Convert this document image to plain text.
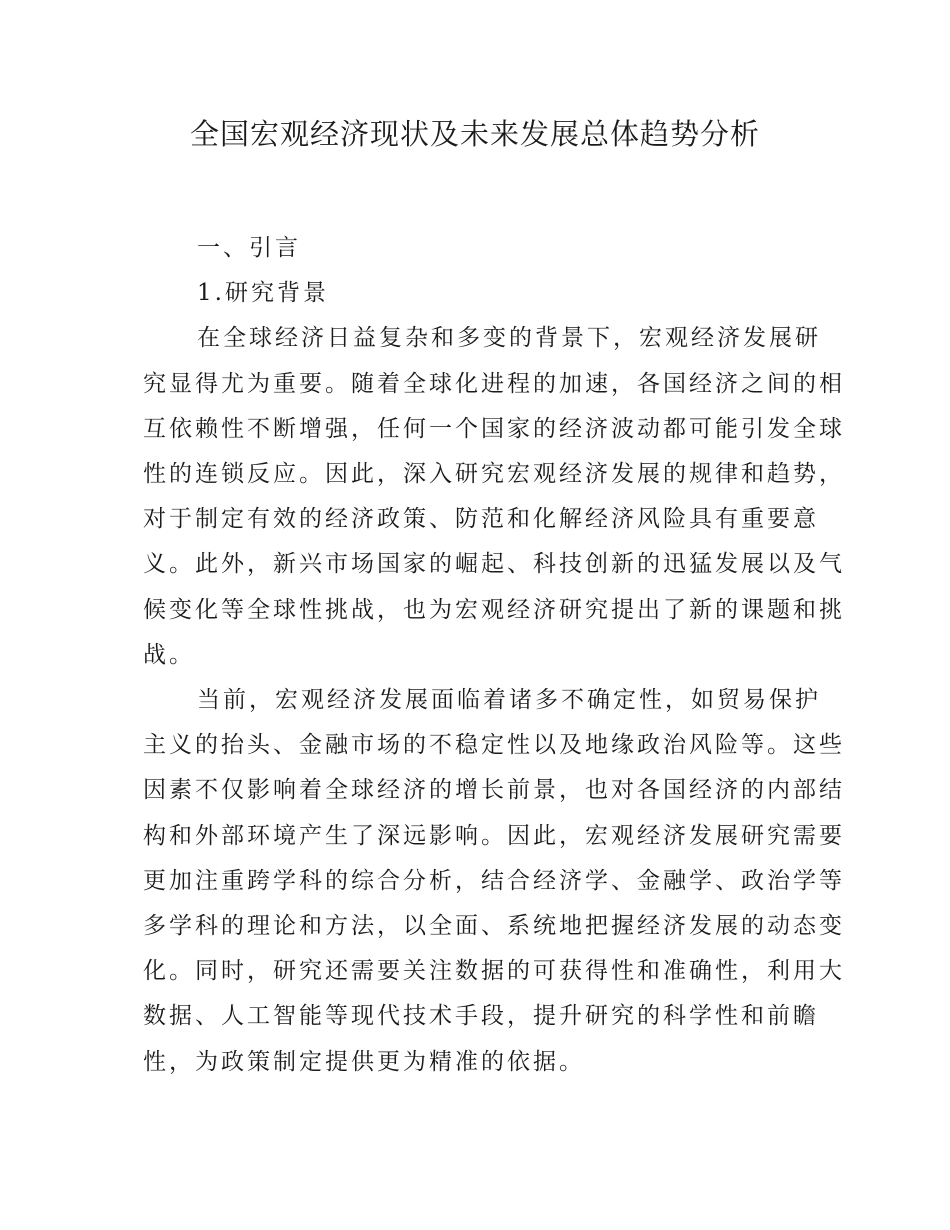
全国宏观经济现状及未来发展总体趋势分析

一、引言

1.研究背景

在全球经济日益复杂和多变的背景下，宏观经济发展研
究显得尤为重要。随着全球化进程的加速，各国经济之间的相
互依赖性不断增强，任何一个国家的经济波动都可能引发全球
性的连锁反应。因此，深入研究宏观经济发展的规律和趋势，
对于制定有效的经济政策、防范和化解经济风险具有重要意
义。此外，新兴市场国家的崛起、科技创新的迅猛发展以及气
候变化等全球性挑战，也为宏观经济研究提出了新的课题和挑
战。

当前，宏观经济发展面临着诸多不确定性，如贸易保护
主义的抬头、金融市场的不稳定性以及地缘政治风险等。这些
因素不仅影响着全球经济的增长前景，也对各国经济的内部结
构和外部环境产生了深远影响。因此，宏观经济发展研究需要
更加注重跨学科的综合分析，结合经济学、金融学、政治学等
多学科的理论和方法，以全面、系统地把握经济发展的动态变
化。同时，研究还需要关注数据的可获得性和准确性，利用大
数据、人工智能等现代技术手段，提升研究的科学性和前瞻
性，为政策制定提供更为精准的依据。
